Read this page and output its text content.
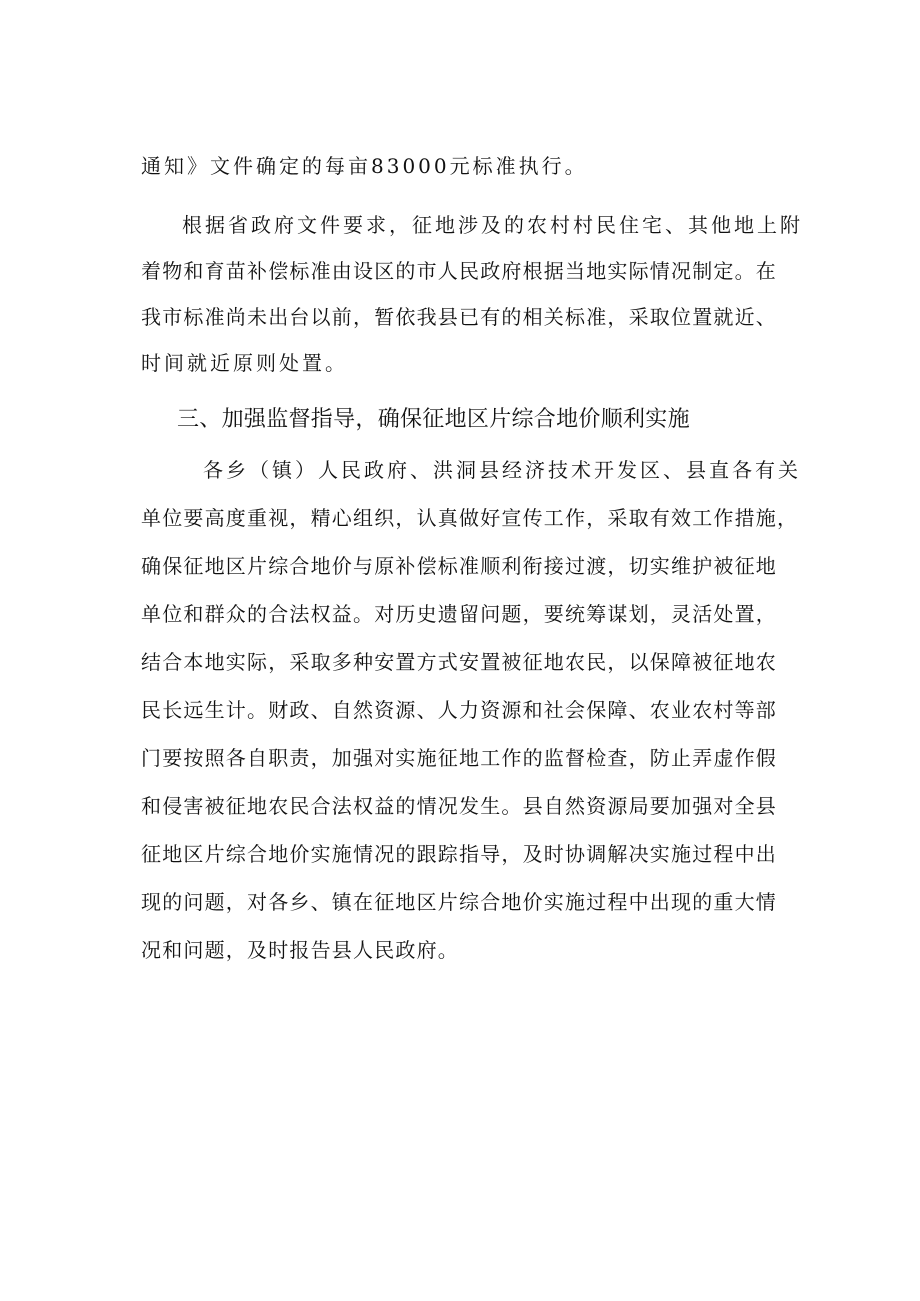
通知》文件确定的每亩83000元标准执行。
根据省政府文件要求，征地涉及的农村村民住宅、其他地上附
着物和育苗补偿标准由设区的市人民政府根据当地实际情况制定。在
我市标准尚未出台以前，暂依我县已有的相关标准，采取位置就近、
时间就近原则处置。
三、加强监督指导，确保征地区片综合地价顺利实施
各乡（镇）人民政府、洪洞县经济技术开发区、县直各有关
单位要高度重视，精心组织，认真做好宣传工作，采取有效工作措施，
确保征地区片综合地价与原补偿标准顺利衔接过渡，切实维护被征地
单位和群众的合法权益。对历史遗留问题，要统筹谋划，灵活处置，
结合本地实际，采取多种安置方式安置被征地农民，以保障被征地农
民长远生计。财政、自然资源、人力资源和社会保障、农业农村等部
门要按照各自职责，加强对实施征地工作的监督检查，防止弄虚作假
和侵害被征地农民合法权益的情况发生。县自然资源局要加强对全县
征地区片综合地价实施情况的跟踪指导，及时协调解决实施过程中出
现的问题，对各乡、镇在征地区片综合地价实施过程中出现的重大情
况和问题，及时报告县人民政府。
